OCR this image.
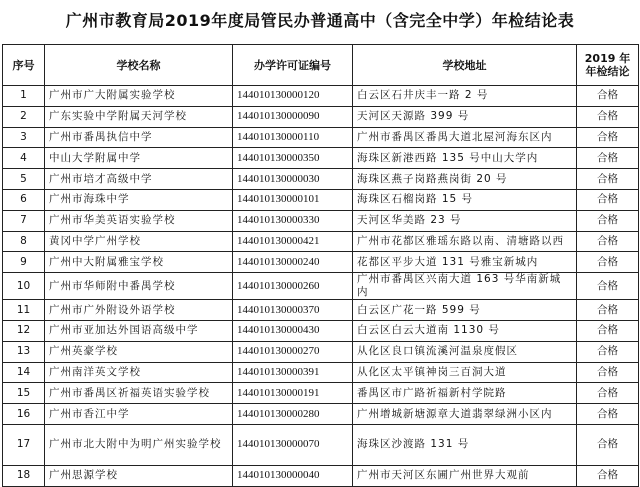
广州市教育局2019年度局管民办普通高中（含完全中学）年检结论表
序号	学校名称	办学许可证编号	学校地址	2019 年
年检结论
1	广州市广大附属实验学校	144010130000120	白云区石井庆丰一路 2 号	合格
2	广东实验中学附属天河学校	144010130000090	天河区天源路 399 号	合格
3	广州市番禺执信中学	144010130000110	广州市番禺区番禺大道北屋河海东区内	合格
4	中山大学附属中学	144010130000350	海珠区新港西路 135 号中山大学内	合格
5	广州市培才高级中学	144010130000030	海珠区燕子岗路燕岗街 20 号	合格
6	广州市海珠中学	144010130000101	海珠区石榴岗路 15 号	合格
7	广州市华美英语实验学校	144010130000330	天河区华美路 23 号	合格
8	黄冈中学广州学校	144010130000421	广州市花都区雅瑶东路以南、清塘路以西	合格
9	广州中大附属雅宝学校	144010130000240	花都区平步大道 131 号雅宝新城内	合格
10	广州市华师附中番禺学校	144010130000260	广州市番禺区兴南大道 163 号华南新城内	合格
11	广州市广外附设外语学校	144010130000370	白云区广花一路 599 号	合格
12	广州市亚加达外国语高级中学	144010130000430	白云区白云大道南 1130 号	合格
13	广州英豪学校	144010130000270	从化区良口镇流溪河温泉度假区	合格
14	广州南洋英文学校	144010130000391	从化区太平镇神岗三百洞大道	合格
15	广州市番禺区祈福英语实验学校	144010130000191	番禺区市广路祈福新村学院路	合格
16	广州市香江中学	144010130000280	广州增城新塘源章大道翡翠绿洲小区内	合格
17	广州市北大附中为明广州实验学校	144010130000070	海珠区沙渡路 131 号	合格
18	广州思源学校	144010130000040	广州市天河区东圃广州世界大观前	合格
